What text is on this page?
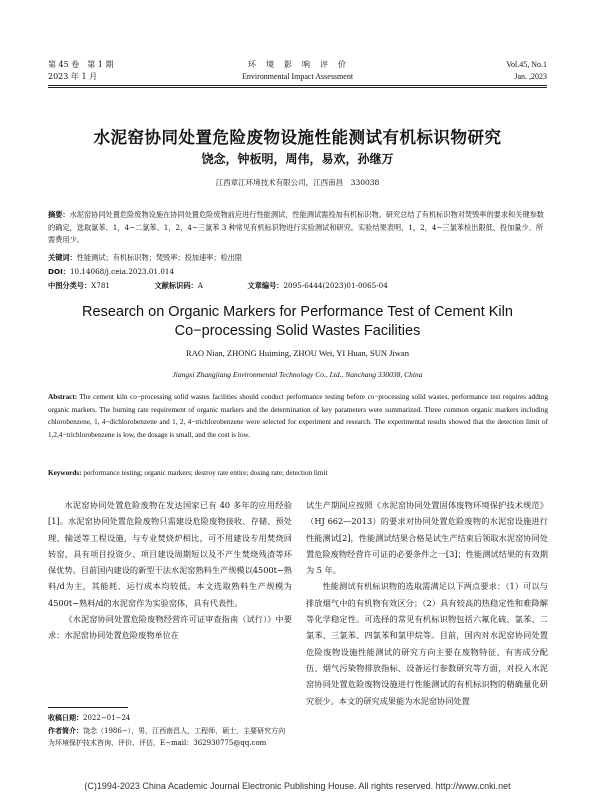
第 45 卷　第 1 期
2023 年 1 月
环　境　影　响　评　价
Environmental Impact Assessment
Vol.45, No.1
Jan. ,2023
水泥窑协同处置危险废物设施性能测试有机标识物研究
饶念，钟板明，周伟，易欢，孙继万
江西章江环境技术有限公司，江西南昌　330038
摘要：水泥窑协同处置危险废物设施在协同处置危险废物前应进行性能测试，性能测试需投加有机标识物。研究总结了有机标识物对焚毁率的要求和关键参数的确定，选取氯苯、1，4−二氯苯、1，2，4−三氯苯 3 种常见有机标识物进行实验测试和研究。实验结果表明，1，2，4−三氯苯检出限低、投加量少、所需费用少。
关键词：性能测试；有机标识物；焚毁率；投加速率；检出限
DOI：10.14068/j.ceia.2023.01.014
中图分类号：X781	文献标识码：A	文章编号：2095-6444(2023)01-0065-04
Research on Organic Markers for Performance Test of Cement Kiln
Co−processing Solid Wastes Facilities
RAO Nian, ZHONG Huiming, ZHOU Wei, YI Huan, SUN Jiwan
Jiangxi Zhangjiang Environmental Technology Co., Ltd., Nanchang 330038, China
Abstract: The cement kiln co−processing solid wastes facilities should conduct performance testing before co−processing solid wastes, performance test requires adding organic markers. The burning rate requirement of organic markers and the determination of key parameters were summarized. Three common organic markers including chlorobenzene, 1, 4−dichlorobenzene and 1, 2, 4−trichlorobenzene were selected for experiment and research. The experimental results showed that the detection limit of 1,2,4−trichlorobenzene is low, the dosage is small, and the cost is low.
Keywords: performance testing; organic markers; destroy rate entire; dosing rate; detection limit

水泥窑协同处置危险废物在发达国家已有 40 多年的应用经验[1]。水泥窑协同处置危险废物只需建设危险废物接收、存储、预处理、输送等工程设施，与专业焚烧炉相比，可不用建设专用焚烧回转窑，具有项目投资少、项目建设周期短以及不产生焚烧残渣等环保优势。目前国内建设的新型干法水泥窑熟料生产规模以4500t−熟料/d为主，其能耗、运行成本均较低。本文选取熟料生产规模为4500t−熟料/d的水泥窑作为实验窑体，具有代表性。

《水泥窑协同处置危险废物经营许可证审查指南（试行）》中要求：水泥窑协同处置危险废物单位在

收稿日期：2022−01−24
作者简介：饶念（1986−），男，江西南昌人，工程师，硕士，主要研究方向为环境保护技术咨询、评价、评估，E−mail：362930775@qq.com

试生产期间应按照《水泥窑协同处置固体废物环境保护技术规范》（HJ 662—2013）的要求对协同处置危险废物的水泥窑设施进行性能测试[2]，性能测试结果合格是试生产结束后领取水泥窑协同处置危险废物经营许可证的必要条件之一[3]；性能测试结果的有效期为 5 年。

性能测试有机标识物的选取需满足以下两点要求：（1）可以与排放烟气中的有机物有效区分；（2）具有较高的热稳定性和难降解等化学稳定性。可选择的常见有机标识物包括六氟化硫、氯苯、二氯苯、三氯苯、四氯苯和氯甲烷等。目前，国内对水泥窑协同处置危险废物设施性能测试的研究方向主要在废物特征、有害成分配伍、烟气污染物排放指标、设备运行参数研究等方面，对投入水泥窑协同处置危险废物设施进行性能测试的有机标识物的精确量化研究很少。本文的研究成果能为水泥窑协同处置

(C)1994-2023 China Academic Journal Electronic Publishing House. All rights reserved. http://www.cnki.net
